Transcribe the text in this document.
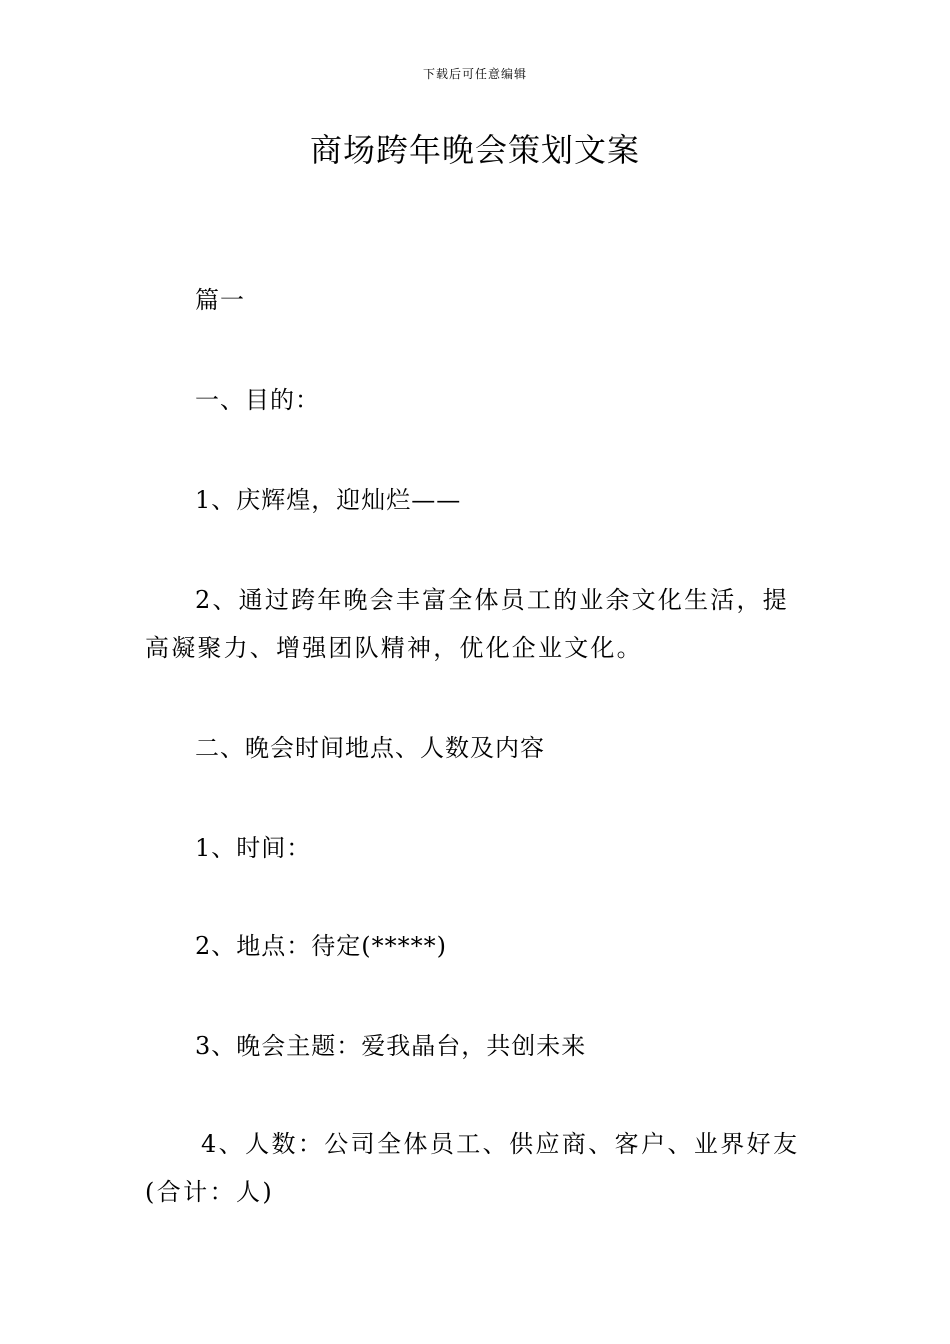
下载后可任意编辑
商场跨年晚会策划文案

篇一

一、目的：

1、庆辉煌，迎灿烂——

2、通过跨年晚会丰富全体员工的业余文化生活，提高凝聚力、增强团队精神，优化企业文化。

二、晚会时间地点、人数及内容

1、时间：

2、地点：待定(*****)

3、晚会主题：爱我晶台，共创未来

4、人数：公司全体员工、供应商、客户、业界好友(合计：人)
